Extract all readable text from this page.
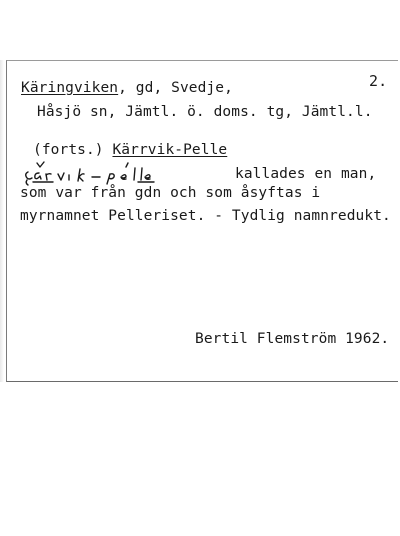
2.
Käringviken, gd, Svedje,
Håsjö sn, Jämtl. ö. doms. tg, Jämtl.l.
(forts.) Kärrvik-Pelle
kallades en man,
som var från gdn och som åsyftas i
myrnamnet Pelleriset. - Tydlig namnredukt.
Bertil Flemström 1962.
